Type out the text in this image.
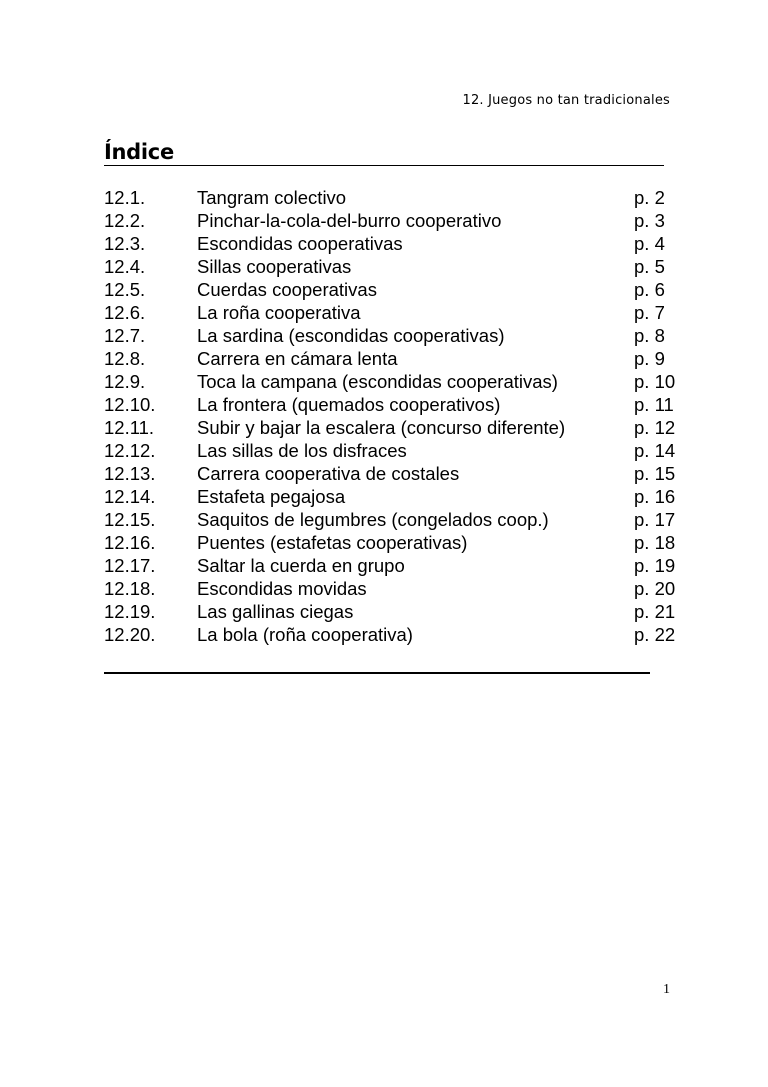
12. Juegos no tan tradicionales
Índice
12.1.	Tangram colectivo	p. 2
12.2.	Pinchar-la-cola-del-burro cooperativo	p. 3
12.3.	Escondidas cooperativas	p. 4
12.4.	Sillas cooperativas	p. 5
12.5.	Cuerdas cooperativas	p. 6
12.6.	La roña cooperativa	p. 7
12.7.	La sardina (escondidas cooperativas)	p. 8
12.8.	Carrera en cámara lenta	p. 9
12.9.	Toca la campana (escondidas cooperativas)	p. 10
12.10. La frontera (quemados cooperativos)	p. 11
12.11. Subir y bajar la escalera (concurso diferente)	p. 12
12.12. Las sillas de los disfraces	p. 14
12.13. Carrera cooperativa de costales	p. 15
12.14. Estafeta pegajosa	p. 16
12.15. Saquitos de legumbres (congelados coop.)	p. 17
12.16. Puentes (estafetas cooperativas)	p. 18
12.17. Saltar la cuerda en grupo	p. 19
12.18. Escondidas movidas	p. 20
12.19. Las gallinas ciegas	p. 21
12.20. La bola (roña cooperativa)	p. 22
1
